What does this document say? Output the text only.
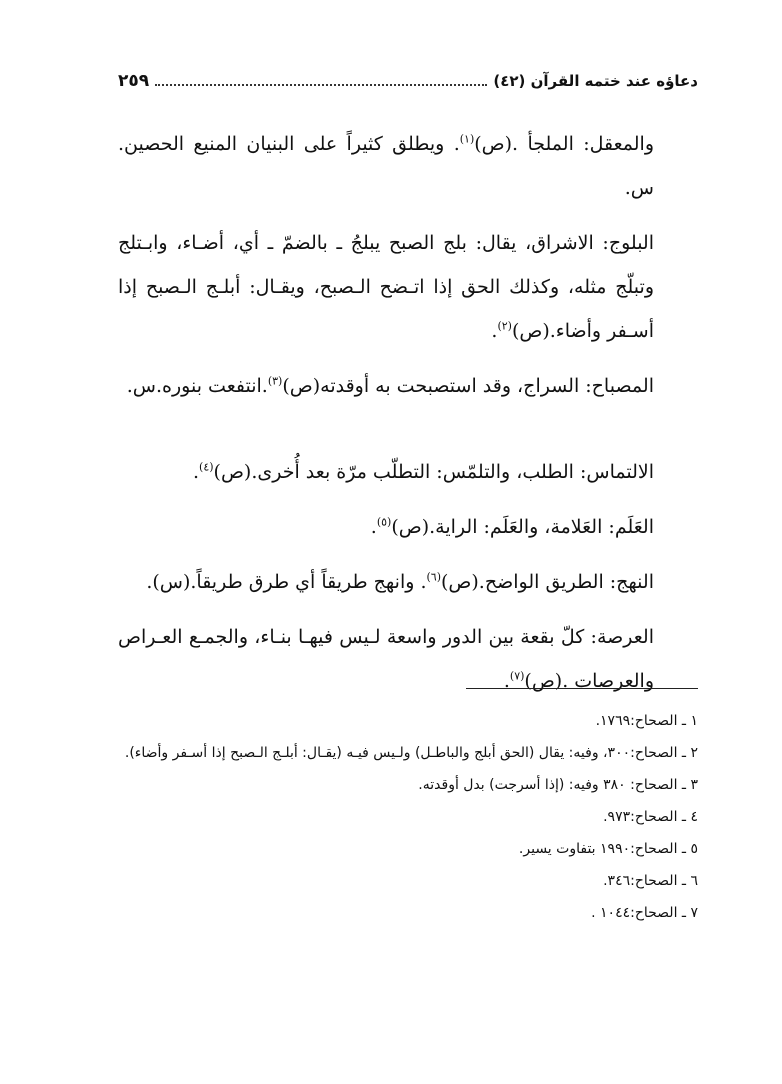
دعاؤه عند ختمه القرآن (٤٢)
٢٥٩

والمعقل: الملجأ .(ص)$^{(١)}$. ويطلق كثيراً على البنيان المنيع الحصين. س.

البلوج: الاشراق، يقال: بلج الصبح يبلجُ ـ بالضمّ ـ أي، أضـاء، وابـتلج وتبلّج مثله، وكذلك الحق إذا اتـضح الـصبح، ويقـال: أبلـج الـصبح إذا أسـفر وأضاء.(ص)$^{(٢)}$.

المصباح: السراج، وقد استصبحت به أوقدته(ص)$^{(٣)}$.انتفعت بنوره.س.

الالتماس: الطلب، والتلمّس: التطلّب مرّة بعد أُخرى.(ص)$^{(٤)}$.

العَلَم: العَلامة، والعَلَم: الراية.(ص)$^{(٥)}$.

النهج: الطريق الواضح.(ص)$^{(٦)}$. وانهج طريقاً أي طرق طريقاً.(س).

العرصة: كلّ بقعة بين الدور واسعة لـيس فيهـا بنـاء، والجمـع العـراص والعرصات .(ص)$^{(٧)}$.

١ ـ الصحاح:١٧٦٩.
٢ ـ الصحاح:٣٠٠، وفيه: يقال (الحق أبلج والباطـل) ولـيس فيـه (يقـال: أبلـج الـصبح إذا أسـفر وأضاء).
٣ ـ الصحاح: ٣٨٠ وفيه: (إذا أسرجت) بدل أوقدته.
٤ ـ الصحاح:٩٧٣.
٥ ـ الصحاح:١٩٩٠ بتفاوت يسير.
٦ ـ الصحاح:٣٤٦.
٧ ـ الصحاح:١٠٤٤ .
